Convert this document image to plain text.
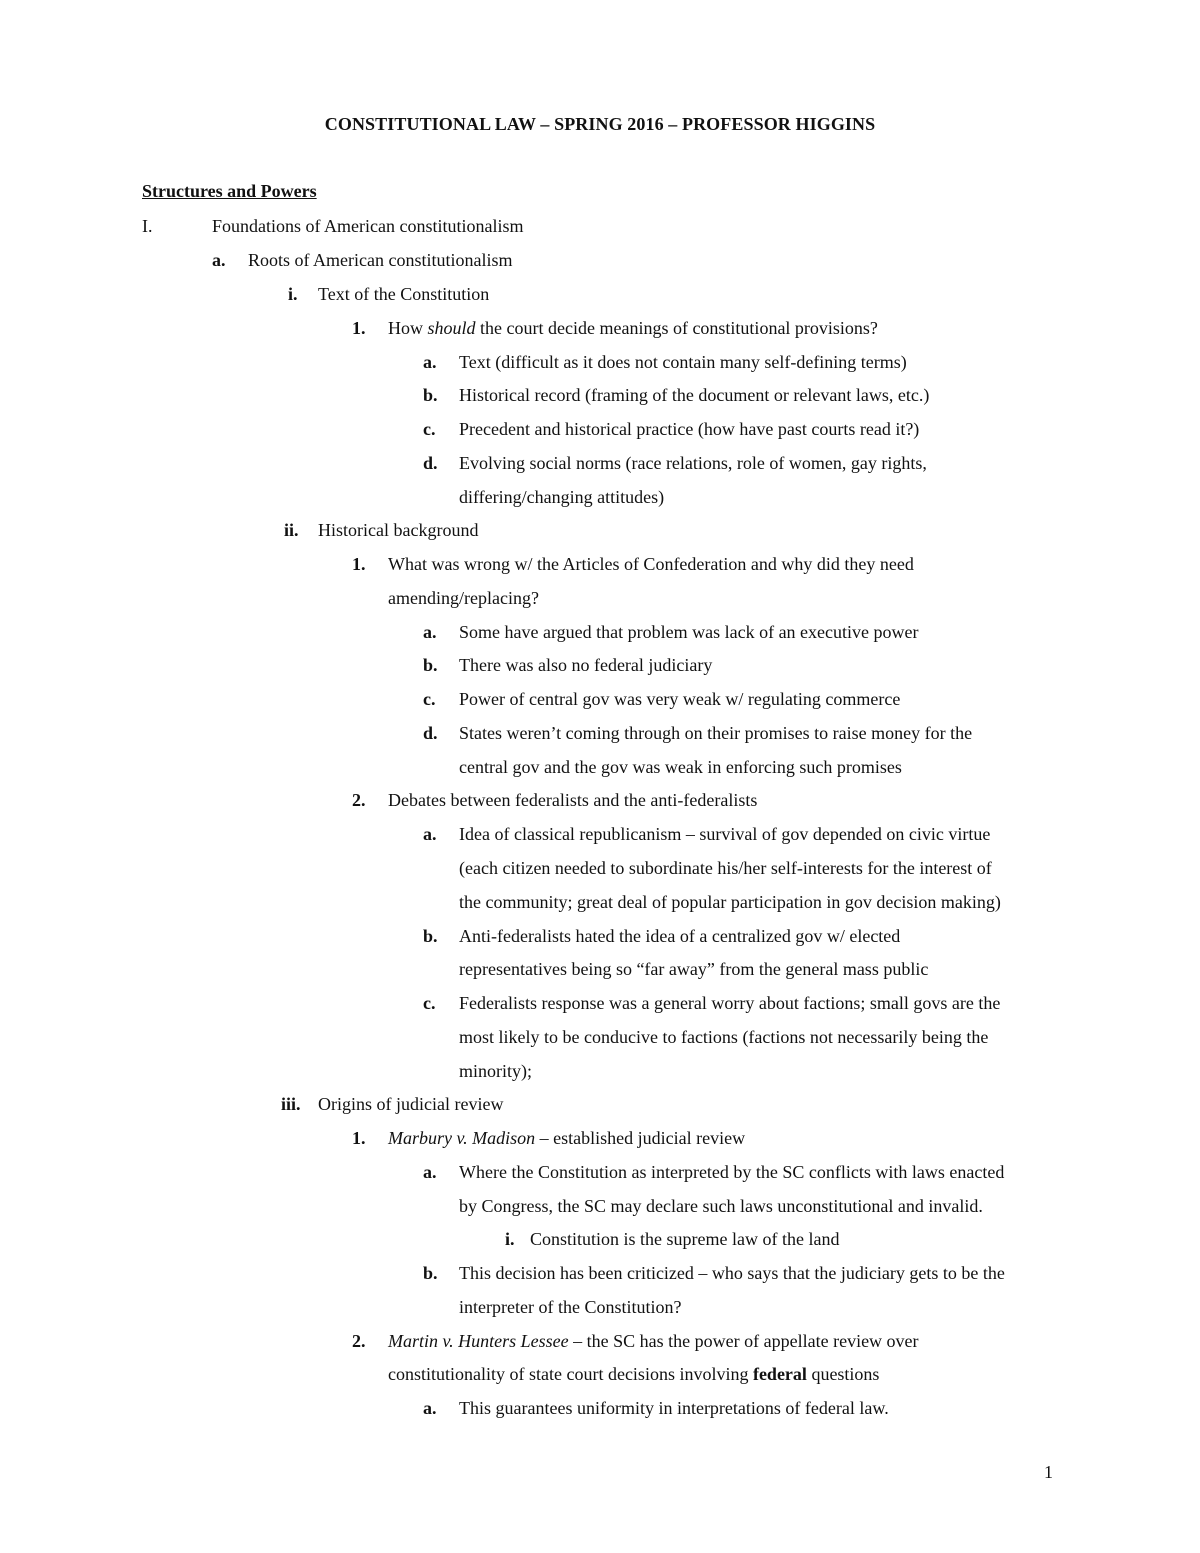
CONSTITUTIONAL LAW – SPRING 2016 – PROFESSOR HIGGINS
Structures and Powers
I.	Foundations of American constitutionalism
a. Roots of American constitutionalism
i. Text of the Constitution
1. How should the court decide meanings of constitutional provisions?
a. Text (difficult as it does not contain many self-defining terms)
b. Historical record (framing of the document or relevant laws, etc.)
c. Precedent and historical practice (how have past courts read it?)
d. Evolving social norms (race relations, role of women, gay rights,
differing/changing attitudes)
ii. Historical background
1. What was wrong w/ the Articles of Confederation and why did they need
amending/replacing?
a. Some have argued that problem was lack of an executive power
b. There was also no federal judiciary
c. Power of central gov was very weak w/ regulating commerce
d. States weren’t coming through on their promises to raise money for the
central gov and the gov was weak in enforcing such promises
2. Debates between federalists and the anti-federalists
a. Idea of classical republicanism – survival of gov depended on civic virtue
(each citizen needed to subordinate his/her self-interests for the interest of
the community; great deal of popular participation in gov decision making)
b. Anti-federalists hated the idea of a centralized gov w/ elected
representatives being so “far away” from the general mass public
c. Federalists response was a general worry about factions; small govs are the
most likely to be conducive to factions (factions not necessarily being the
minority);
iii. Origins of judicial review
1. Marbury v. Madison – established judicial review
a. Where the Constitution as interpreted by the SC conflicts with laws enacted
by Congress, the SC may declare such laws unconstitutional and invalid.
i. Constitution is the supreme law of the land
b. This decision has been criticized – who says that the judiciary gets to be the
interpreter of the Constitution?
2. Martin v. Hunters Lessee – the SC has the power of appellate review over
constitutionality of state court decisions involving federal questions
a. This guarantees uniformity in interpretations of federal law.
1
